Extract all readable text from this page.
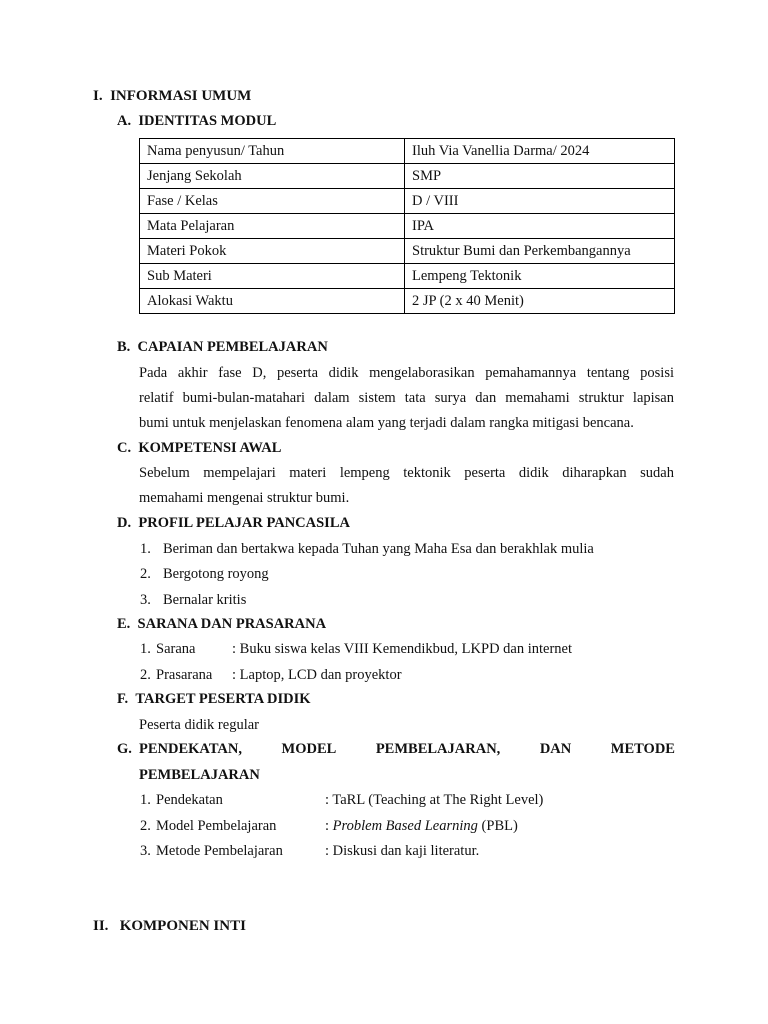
I. INFORMASI UMUM
A. IDENTITAS MODUL
Nama penyusun/ Tahun	Iluh Via Vanellia Darma/ 2024
Jenjang Sekolah	SMP
Fase / Kelas	D / VIII
Mata Pelajaran	IPA
Materi Pokok	Struktur Bumi dan Perkembangannya
Sub Materi	Lempeng Tektonik
Alokasi Waktu	2 JP (2 x 40 Menit)
B. CAPAIAN PEMBELAJARAN
Pada akhir fase D, peserta didik mengelaborasikan pemahamannya tentang posisi
relatif bumi-bulan-matahari dalam sistem tata surya dan memahami struktur lapisan
bumi untuk menjelaskan fenomena alam yang terjadi dalam rangka mitigasi bencana.
C. KOMPETENSI AWAL
Sebelum mempelajari materi lempeng tektonik peserta didik diharapkan sudah
memahami mengenai struktur bumi.
D. PROFIL PELAJAR PANCASILA
1. Beriman dan bertakwa kepada Tuhan yang Maha Esa dan berakhlak mulia
2. Bergotong royong
3. Bernalar kritis
E. SARANA DAN PRASARANA
1. Sarana	: Buku siswa kelas VIII Kemendikbud, LKPD dan internet
2. Prasarana : Laptop, LCD dan proyektor
F. TARGET PESERTA DIDIK
Peserta didik regular
G. PENDEKATAN,	MODEL	PEMBELAJARAN,	DAN	METODE
PEMBELAJARAN
1. Pendekatan	: TaRL (Teaching at The Right Level)
2. Model Pembelajaran	: Problem Based Learning (PBL)
3. Metode Pembelajaran	: Diskusi dan kaji literatur.
II. KOMPONEN INTI
